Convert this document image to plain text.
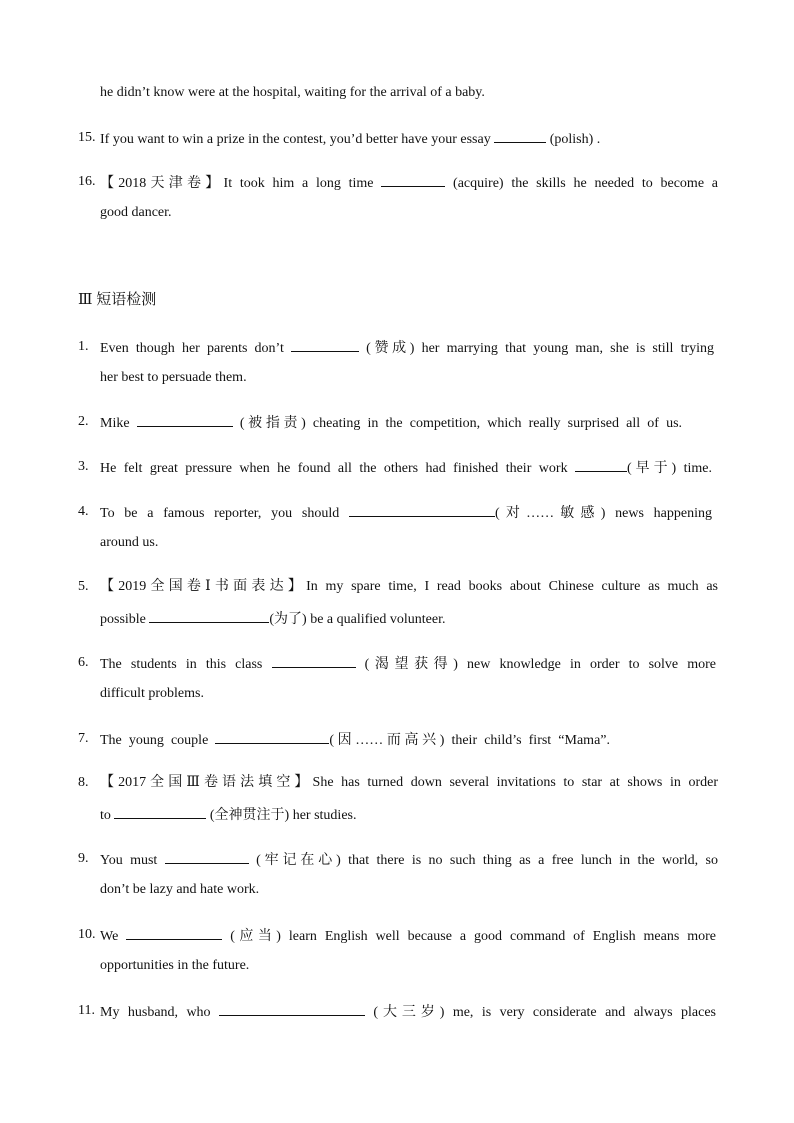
he didn’t know were at the hospital, waiting for the arrival of a baby.
15. If you want to win a prize in the contest, you’d better have your essay	(polish) .
16. 【2018天津卷】It took him a long time	(acquire) the skills he needed to become a
good dancer.
Ⅲ 短语检测
1. Even though her parents don’t	(赞成) her marrying that young man, she is still trying
her best to persuade them.
2. Mike	(被指责) cheating in the competition, which really surprised all of us.
3. He felt great pressure when he found all the others had finished their work	(早于) time.
4. To be a famous reporter, you should	(对……敏感) news happening
around us.
5. 【2019全国卷Ⅰ书面表达】In my spare time, I read books about Chinese culture as much as
possible	(为了) be a qualified volunteer.
6. The students in this class	(渴望获得) new knowledge in order to solve more
difficult problems.
7. The young couple	(因……而高兴) their child’s first “Mama”.
8. 【2017全国Ⅲ卷语法填空】She has turned down several invitations to star at shows in order
to	(全神贯注于) her studies.
9. You must	(牢记在心) that there is no such thing as a free lunch in the world, so
don’t be lazy and hate work.
10. We	(应当) learn English well because a good command of English means more
opportunities in the future.
11. My husband, who	(大三岁) me, is very considerate and always places
